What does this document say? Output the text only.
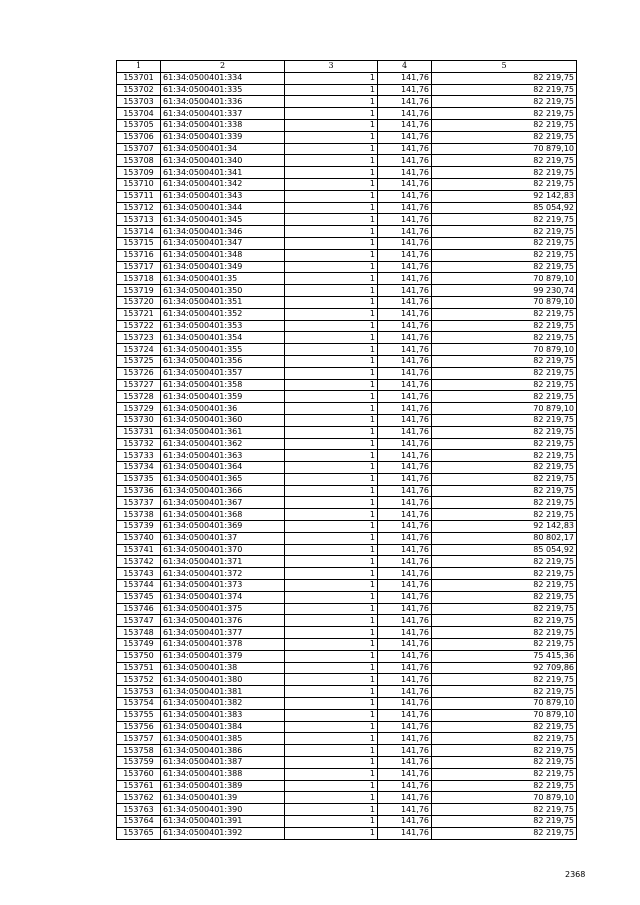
1	2	3	4	5
153701	61:34:0500401:334	1	141,76	82 219,75
153702	61:34:0500401:335	1	141,76	82 219,75
153703	61:34:0500401:336	1	141,76	82 219,75
153704	61:34:0500401:337	1	141,76	82 219,75
153705	61:34:0500401:338	1	141,76	82 219,75
153706	61:34:0500401:339	1	141,76	82 219,75
153707	61:34:0500401:34	1	141,76	70 879,10
153708	61:34:0500401:340	1	141,76	82 219,75
153709	61:34:0500401:341	1	141,76	82 219,75
153710	61:34:0500401:342	1	141,76	82 219,75
153711	61:34:0500401:343	1	141,76	92 142,83
153712	61:34:0500401:344	1	141,76	85 054,92
153713	61:34:0500401:345	1	141,76	82 219,75
153714	61:34:0500401:346	1	141,76	82 219,75
153715	61:34:0500401:347	1	141,76	82 219,75
153716	61:34:0500401:348	1	141,76	82 219,75
153717	61:34:0500401:349	1	141,76	82 219,75
153718	61:34:0500401:35	1	141,76	70 879,10
153719	61:34:0500401:350	1	141,76	99 230,74
153720	61:34:0500401:351	1	141,76	70 879,10
153721	61:34:0500401:352	1	141,76	82 219,75
153722	61:34:0500401:353	1	141,76	82 219,75
153723	61:34:0500401:354	1	141,76	82 219,75
153724	61:34:0500401:355	1	141,76	70 879,10
153725	61:34:0500401:356	1	141,76	82 219,75
153726	61:34:0500401:357	1	141,76	82 219,75
153727	61:34:0500401:358	1	141,76	82 219,75
153728	61:34:0500401:359	1	141,76	82 219,75
153729	61:34:0500401:36	1	141,76	70 879,10
153730	61:34:0500401:360	1	141,76	82 219,75
153731	61:34:0500401:361	1	141,76	82 219,75
153732	61:34:0500401:362	1	141,76	82 219,75
153733	61:34:0500401:363	1	141,76	82 219,75
153734	61:34:0500401:364	1	141,76	82 219,75
153735	61:34:0500401:365	1	141,76	82 219,75
153736	61:34:0500401:366	1	141,76	82 219,75
153737	61:34:0500401:367	1	141,76	82 219,75
153738	61:34:0500401:368	1	141,76	82 219,75
153739	61:34:0500401:369	1	141,76	92 142,83
153740	61:34:0500401:37	1	141,76	80 802,17
153741	61:34:0500401:370	1	141,76	85 054,92
153742	61:34:0500401:371	1	141,76	82 219,75
153743	61:34:0500401:372	1	141,76	82 219,75
153744	61:34:0500401:373	1	141,76	82 219,75
153745	61:34:0500401:374	1	141,76	82 219,75
153746	61:34:0500401:375	1	141,76	82 219,75
153747	61:34:0500401:376	1	141,76	82 219,75
153748	61:34:0500401:377	1	141,76	82 219,75
153749	61:34:0500401:378	1	141,76	82 219,75
153750	61:34:0500401:379	1	141,76	75 415,36
153751	61:34:0500401:38	1	141,76	92 709,86
153752	61:34:0500401:380	1	141,76	82 219,75
153753	61:34:0500401:381	1	141,76	82 219,75
153754	61:34:0500401:382	1	141,76	70 879,10
153755	61:34:0500401:383	1	141,76	70 879,10
153756	61:34:0500401:384	1	141,76	82 219,75
153757	61:34:0500401:385	1	141,76	82 219,75
153758	61:34:0500401:386	1	141,76	82 219,75
153759	61:34:0500401:387	1	141,76	82 219,75
153760	61:34:0500401:388	1	141,76	82 219,75
153761	61:34:0500401:389	1	141,76	82 219,75
153762	61:34:0500401:39	1	141,76	70 879,10
153763	61:34:0500401:390	1	141,76	82 219,75
153764	61:34:0500401:391	1	141,76	82 219,75
153765	61:34:0500401:392	1	141,76	82 219,75
2368
